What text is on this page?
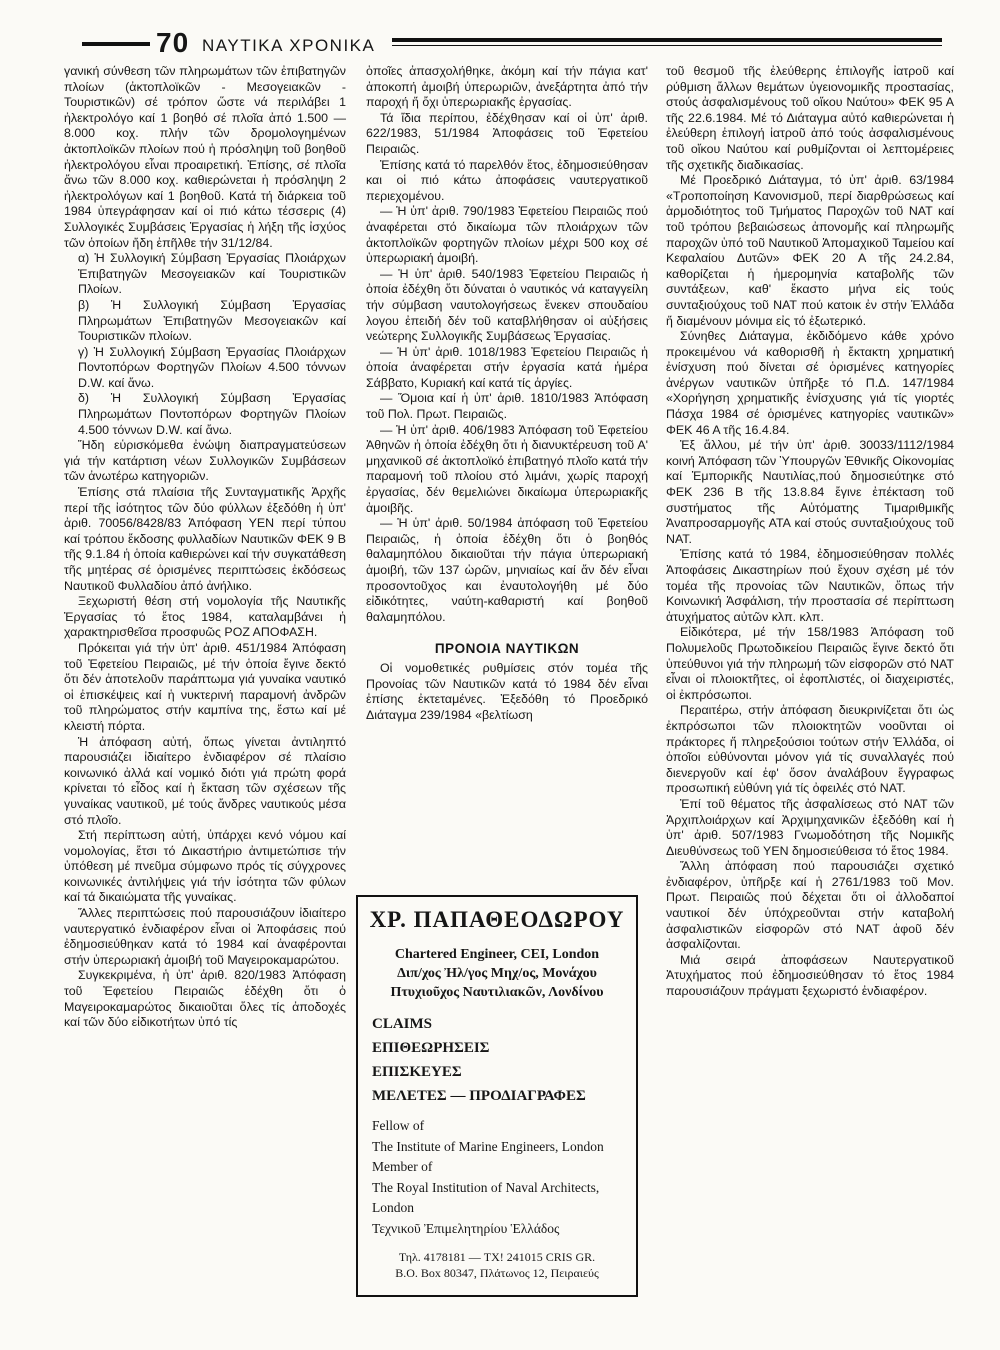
70 ΝΑΥΤΙΚΑ ΧΡΟΝΙΚΑ

γανική σύνθεση τῶν πληρωμάτων τῶν ἐπιβατηγῶν πλοίων (ἀκτοπλοϊκῶν - Μεσογειακῶν - Τουριστικῶν) σέ τρόπον ὥστε νά περιλάβει 1 ἠλεκτρολόγο καί 1 βοηθό σέ πλοῖα ἀπό 1.500 — 8.000 κοχ. πλήν τῶν δρομολογημένων ἀκτοπλοϊκῶν πλοίων πού ἡ πρόσληψη τοῦ βοηθοῦ ἠλεκτρολόγου εἶναι προαιρετική. Ἐπίσης, σέ πλοῖα ἄνω τῶν 8.000 κοχ. καθιερώνεται ἡ πρόσληψη 2 ἠλεκτρολόγων καί 1 βοηθοῦ. Κατά τή διάρκεια τοῦ 1984 ὑπεγράφησαν καί οἱ πιό κάτω τέσσερις (4) Συλλογικές Συμβάσεις Ἐργασίας ἡ λήξη τῆς ἰσχύος τῶν ὁποίων ἤδη ἐπῆλθε τήν 31/12/84.

α) Ἡ Συλλογική Σύμβαση Ἐργασίας Πλοιάρχων Ἐπιβατηγῶν Μεσογειακῶν καί Τουριστικῶν Πλοίων.

β) Ἡ Συλλογική Σύμβαση Ἐργασίας Πληρωμάτων Ἐπιβατηγῶν Μεσογειακῶν καί Τουριστικῶν πλοίων.

γ) Ἡ Συλλογική Σύμβαση Ἐργασίας Πλοιάρχων Ποντοπόρων Φορτηγῶν Πλοίων 4.500 τόννων D.W. καί ἄνω.

δ) Ἡ Συλλογική Σύμβαση Ἐργασίας Πληρωμάτων Ποντοπόρων Φορτηγῶν Πλοίων 4.500 τόννων D.W. καί ἄνω.

Ἤδη εὑρισκόμεθα ἐνώψη διαπραγματεύσεων γιά τήν κατάρτιση νέων Συλλογικῶν Συμβάσεων τῶν ἀνωτέρω κατηγοριῶν.

Ἐπίσης στά πλαίσια τῆς Συνταγματικῆς Ἀρχῆς περί τῆς ἰσότητος τῶν δύο φύλλων ἐξεδόθη ἡ ὑπ' ἀριθ. 70056/8428/83 Ἀπόφαση ΥΕΝ περί τύπου καί τρόπου ἔκδοσης φυλλαδίων Ναυτικῶν ΦΕΚ 9 Β τῆς 9.1.84 ἡ ὁποία καθιερώνει καί τήν συγκατάθεση τῆς μητέρας σέ ὁρισμένες περιπτώσεις ἐκδόσεως Ναυτικοῦ Φυλλαδίου ἀπό ἀνήλικο.

Ξεχωριστή θέση στή νομολογία τῆς Ναυτικῆς Ἐργασίας τό ἔτος 1984, καταλαμβάνει ἡ χαρακτηρισθεῖσα προσφυῶς ΡΟΖ ΑΠΟΦΑΣΗ.

Πρόκειται γιά τήν ὑπ' ἀριθ. 451/1984 Ἀπόφαση τοῦ Ἐφετείου Πειραιῶς, μέ τήν ὁποία ἔγινε δεκτό ὅτι δέν ἀποτελοῦν παράπτωμα γιά γυναίκα ναυτικό οἱ ἐπισκέψεις καί ἡ νυκτερινή παραμονή ἀνδρῶν τοῦ πληρώματος στήν καμπίνα της, ἔστω καί μέ κλειστή πόρτα.

Ἡ ἀπόφαση αὐτή, ὅπως γίνεται ἀντιληπτό παρουσιάζει ἰδιαίτερο ἐνδιαφέρον σέ πλαίσιο κοινωνικό ἀλλά καί νομικό διότι γιά πρώτη φορά κρίνεται τό εἶδος καί ἡ ἔκταση τῶν σχέσεων τῆς γυναίκας ναυτικοῦ, μέ τούς ἄνδρες ναυτικούς μέσα στό πλοῖο.

Στή περίπτωση αὐτή, ὑπάρχει κενό νόμου καί νομολογίας, ἔτσι τό Δικαστήριο ἀντιμετώπισε τήν ὑπόθεση μέ πνεῦμα σύμφωνο πρός τίς σύγχρονες κοινωνικές ἀντιλήψεις γιά τήν ἰσότητα τῶν φύλων καί τά δικαιώματα τῆς γυναίκας.

Ἄλλες περιπτώσεις πού παρουσιάζουν ἰδιαίτερο ναυτεργατικό ἐνδιαφέρον εἶναι οἱ Ἀποφάσεις πού ἐδημοσιεύθηκαν κατά τό 1984 καί ἀναφέρονται στήν ὑπερωριακή ἀμοιβή τοῦ Μαγειροκαμαρώτου.

Συγκεκριμένα, ἡ ὑπ' ἀριθ. 820/1983 Ἀπόφαση τοῦ Ἐφετείου Πειραιῶς ἐδέχθη ὅτι ὁ Μαγειροκαμαρώτος δικαιοῦται ὅλες τίς ἀποδοχές καί τῶν δύο εἰδικοτήτων ὑπό τίς

ὁποῖες ἀπασχολήθηκε, ἀκόμη καί τήν πάγια κατ' ἀποκοπή ἀμοιβή ὑπερωριῶν, ἀνεξάρτητα ἀπό τήν παροχή ἤ ὄχι ὑπερωριακῆς ἐργασίας.

Τά ἴδια περίπου, ἐδέχθησαν καί οἱ ὑπ' ἀριθ. 622/1983, 51/1984 Ἀποφάσεις τοῦ Ἐφετείου Πειραιῶς.

Ἐπίσης κατά τό παρελθόν ἔτος, ἐδημοσιεύθησαν και οἱ πιό κάτω ἀποφάσεις ναυτεργατικοῦ περιεχομένου.

— Ἡ ὑπ' ἀριθ. 790/1983 Ἐφετείου Πειραιῶς πού ἀναφέρεται στό δικαίωμα τῶν πλοιάρχων τῶν ἀκτοπλοϊκῶν φορτηγῶν πλοίων μέχρι 500 κοχ σέ ὑπερωριακή ἀμοιβή.

— Ἡ ὑπ' ἀριθ. 540/1983 Ἐφετείου Πειραιῶς ἡ ὁποία ἐδέχθη ὅτι δύναται ὁ ναυτικός νά καταγγείλη τήν σύμβαση ναυτολογήσεως ἕνεκεν σπουδαίου λογου ἐπειδή δέν τοῦ καταβλήθησαν οἱ αὐξήσεις νεώτερης Συλλογικῆς Συμβάσεως Ἐργασίας.

— Ἡ ὑπ' ἀριθ. 1018/1983 Ἐφετείου Πειραιῶς ἡ ὁποία ἀναφέρεται στήν ἐργασία κατά ἡμέρα Σάββατο, Κυριακή καί κατά τίς ἀργίες.

— Ὅμοια καί ἡ ὑπ' ἀριθ. 1810/1983 Ἀπόφαση τοῦ Πολ. Πρωτ. Πειραιῶς.

— Ἡ ὑπ' ἀριθ. 406/1983 Ἀπόφαση τοῦ Ἐφετείου Ἀθηνῶν ἡ ὁποία ἐδέχθη ὅτι ἡ διανυκτέρευση τοῦ Α' μηχανικοῦ σέ ἀκτοπλοϊκό ἐπιβατηγό πλοῖο κατά τήν παραμονή τοῦ πλοίου στό λιμάνι, χωρίς παροχή ἐργασίας, δέν θεμελιώνει δικαίωμα ὑπερωριακῆς ἀμοιβῆς.

— Ἡ ὑπ' ἀριθ. 50/1984 ἀπόφαση τοῦ Ἐφετείου Πειραιῶς, ἡ ὁποία ἐδέχθη ὅτι ὁ βοηθός θαλαμηπόλου δικαιοῦται τήν πάγια ὑπερωριακή ἀμοιβή, τῶν 137 ὡρῶν, μηνιαίως καί ἄν δέν εἶναι προσοντοῦχος και ἐναυτολογήθη μέ δύο εἰδικότητες, ναύτη-καθαριστή καί βοηθοῦ θαλαμηπόλου.

ΠΡΟΝΟΙΑ ΝΑΥΤΙΚΩΝ

Οἱ νομοθετικές ρυθμίσεις στόν τομέα τῆς Προνοίας τῶν Ναυτικῶν κατά τό 1984 δέν εἶναι ἐπίσης ἐκτεταμένες. Ἐξεδόθη τό Προεδρικό Διάταγμα 239/1984 «βελτίωση

ΧΡ. ΠΑΠΑΘΕΟΔΩΡΟΥ
Chartered Engineer, CEI, London
Διπ/χος Ἠλ/γος Μηχ/ος, Μονάχου
Πτυχιοῦχος Ναυτιλιακῶν, Λονδίνου
CLAIMS
ΕΠΙΘΕΩΡΗΣΕΙΣ
ΕΠΙΣΚΕΥΕΣ
ΜΕΛΕΤΕΣ — ΠΡΟΔΙΑΓΡΑΦΕΣ
Fellow of
The Institute of Marine Engineers, London
Member of
The Royal Institution of Naval Architects,
London
Τεχνικοῦ Ἐπιμελητηρίου Ἑλλάδος
Τηλ. 4178181 — TX! 241015 CRIS GR.
Β.Ο. Box 80347, Πλάτωνος 12, Πειραιεύς

τοῦ θεσμοῦ τῆς ἐλεύθερης ἐπιλογῆς ἰατροῦ καί ρύθμιση ἄλλων θεμάτων ὑγειονομικῆς προστασίας, στούς ἀσφαλισμένους τοῦ οἴκου Ναύτου» ΦΕΚ 95 Α τῆς 22.6.1984. Μέ τό Διάταγμα αὐτό καθιερώνεται ἡ ἐλεύθερη ἐπιλογή ἰατροῦ ἀπό τούς ἀσφαλισμένους τοῦ οἴκου Ναύτου καί ρυθμίζονται οἱ λεπτομέρειες τῆς σχετικῆς διαδικασίας.

Μέ Προεδρικό Διάταγμα, τό ὑπ' ἀριθ. 63/1984 «Τροποποίηση Κανονισμοῦ, περί διαρθρώσεως καί ἁρμοδιότητος τοῦ Τμήματος Παροχῶν τοῦ ΝΑΤ καί τοῦ τρόπου βεβαιώσεως ἀπονομῆς καί πληρωμῆς παροχῶν ὑπό τοῦ Ναυτικοῦ Ἀπομαχικοῦ Ταμείου καί Κεφαλαίου Δυτῶν» ΦΕΚ 20 Α τῆς 24.2.84, καθορίζεται ἡ ἡμερομηνία καταβολῆς τῶν συντάξεων, καθ' ἕκαστο μήνα εἰς τούς συνταξιούχους τοῦ ΝΑΤ πού κατοικ ἐν στήν Ἑλλάδα ἤ διαμένουν μόνιμα εἰς τό ἐξωτερικό.

Σύνηθες Διάταγμα, ἐκδιδόμενο κάθε χρόνο προκειμένου νά καθορισθῆ ἡ ἔκτακτη χρηματική ἐνίσχυση πού δίνεται σέ ὁρισμένες κατηγορίες ἀνέργων ναυτικῶν ὑπῆρξε τό Π.Δ. 147/1984 «Χορήγηση χρηματικῆς ἐνίσχυσης γιά τίς γιορτές Πάσχα 1984 σέ ὁρισμένες κατηγορίες ναυτικῶν» ΦΕΚ 46 Α τῆς 16.4.84.

Ἐξ ἄλλου, μέ τήν ὑπ' ἀριθ. 30033/1112/1984 κοινή Ἀπόφαση τῶν Ὑπουργῶν Ἐθνικῆς Οἰκονομίας καί Ἐμπορικῆς Ναυτιλίας,πού δημοσιεύτηκε στό ΦΕΚ 236 Β τῆς 13.8.84 ἔγινε ἐπέκταση τοῦ συστήματος τῆς Αὐτόματης Τιμαριθμικῆς Ἀναπροσαρμογῆς ΑΤΑ καί στούς συνταξιούχους τοῦ ΝΑΤ.

Ἐπίσης κατά τό 1984, ἐδημοσιεύθησαν πολλές Ἀποφάσεις Δικαστηρίων πού ἔχουν σχέση μέ τόν τομέα τῆς προνοίας τῶν Ναυτικῶν, ὅπως τήν Κοινωνική Ἀσφάλιση, τήν προστασία σέ περίπτωση ἀτυχήματος αὐτῶν κλπ. κλπ.

Εἰδικότερα, μέ τήν 158/1983 Ἀπόφαση τοῦ Πολυμελοῦς Πρωτοδικείου Πειραιῶς ἔγινε δεκτό ὅτι ὑπεύθυνοι γιά τήν πληρωμή τῶν εἰσφορῶν στό ΝΑΤ εἶναι οἱ πλοιοκτῆτες, οἱ ἐφοπλιστές, οἱ διαχειριστές, οἱ ἐκπρόσωποι.

Περαιτέρω, στήν ἀπόφαση διευκρινίζεται ὅτι ὡς ἐκπρόσωποι τῶν πλοιοκτητῶν νοοῦνται οἱ πράκτορες ἤ πληρεξούσιοι τούτων στήν Ἑλλάδα, οἱ ὁποῖοι εὐθύνονται μόνον γιά τίς συναλλαγές πού διενεργοῦν καί ἐφ' ὅσον ἀναλάβουν ἔγγραφως προσωπική εὐθύνη γιά τίς ὀφειλές στό ΝΑΤ.

Ἐπί τοῦ θέματος τῆς ἀσφαλίσεως στό ΝΑΤ τῶν Ἀρχιπλοιάρχων καί Ἀρχιμηχανικῶν ἐξεδόθη καί ἡ ὑπ' ἀριθ. 507/1983 Γνωμοδότηση τῆς Νομικῆς Διευθύνσεως τοῦ ΥΕΝ δημοσιεύθεισα τό ἔτος 1984.

Ἄλλη ἀπόφαση πού παρουσιάζει σχετικό ἐνδιαφέρον, ὑπῆρξε καί ἡ 2761/1983 τοῦ Μον. Πρωτ. Πειραιῶς πού δέχεται ὅτι οἱ ἀλλοδαποί ναυτικοί δέν ὑπόχρεοῦνται στήν καταβολή ἀσφαλιστικῶν εἰσφορῶν στό ΝΑΤ ἀφοῦ δέν ἀσφαλίζονται.

Μιά σειρά ἀποφάσεων Ναυτεργατικοῦ Ἀτυχήματος πού ἐδημοσιεύθησαν τό ἔτος 1984 παρουσιάζουν πράγματι ξεχωριστό ἐνδιαφέρον.
